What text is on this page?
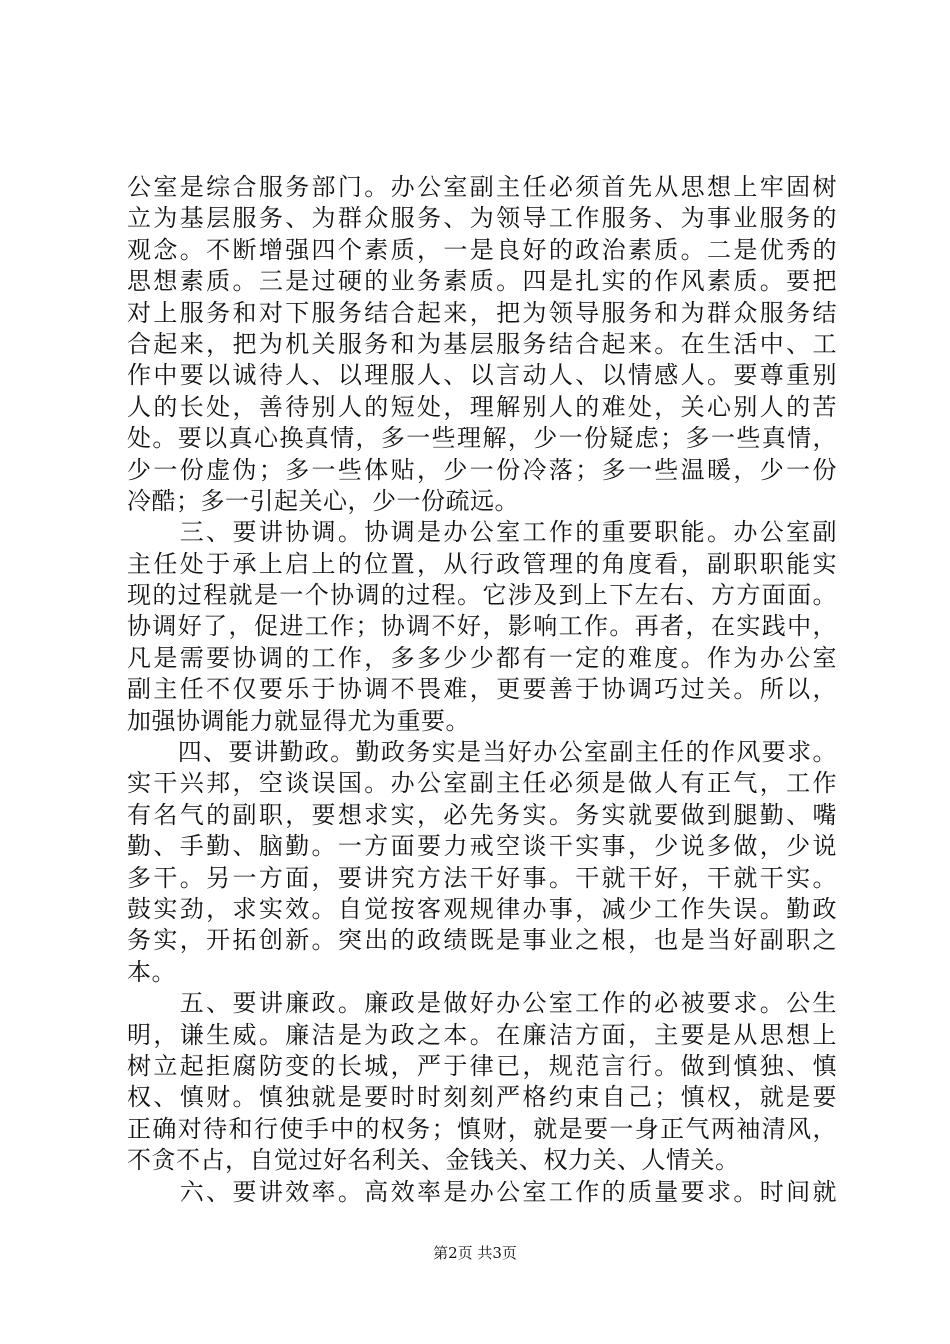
公室是综合服务部门。办公室副主任必须首先从思想上牢固树
立为基层服务、为群众服务、为领导工作服务、为事业服务的
观念。不断增强四个素质，一是良好的政治素质。二是优秀的
思想素质。三是过硬的业务素质。四是扎实的作风素质。要把
对上服务和对下服务结合起来，把为领导服务和为群众服务结
合起来，把为机关服务和为基层服务结合起来。在生活中、工
作中要以诚待人、以理服人、以言动人、以情感人。要尊重别
人的长处，善待别人的短处，理解别人的难处，关心别人的苦
处。要以真心换真情，多一些理解，少一份疑虑；多一些真情，
少一份虚伪；多一些体贴，少一份冷落；多一些温暖，少一份
冷酷；多一引起关心，少一份疏远。
　　三、要讲协调。协调是办公室工作的重要职能。办公室副
主任处于承上启上的位置，从行政管理的角度看，副职职能实
现的过程就是一个协调的过程。它涉及到上下左右、方方面面。
协调好了，促进工作；协调不好，影响工作。再者，在实践中，
凡是需要协调的工作，多多少少都有一定的难度。作为办公室
副主任不仅要乐于协调不畏难，更要善于协调巧过关。所以，
加强协调能力就显得尤为重要。
　　四、要讲勤政。勤政务实是当好办公室副主任的作风要求。
实干兴邦，空谈误国。办公室副主任必须是做人有正气，工作
有名气的副职，要想求实，必先务实。务实就要做到腿勤、嘴
勤、手勤、脑勤。一方面要力戒空谈干实事，少说多做，少说
多干。另一方面，要讲究方法干好事。干就干好，干就干实。
鼓实劲，求实效。自觉按客观规律办事，减少工作失误。勤政
务实，开拓创新。突出的政绩既是事业之根，也是当好副职之
本。
　　五、要讲廉政。廉政是做好办公室工作的必被要求。公生
明，谦生威。廉洁是为政之本。在廉洁方面，主要是从思想上
树立起拒腐防变的长城，严于律已，规范言行。做到慎独、慎
权、慎财。慎独就是要时时刻刻严格约束自己；慎权，就是要
正确对待和行使手中的权务；慎财，就是要一身正气两袖清风，
不贪不占，自觉过好名利关、金钱关、权力关、人情关。
　　六、要讲效率。高效率是办公室工作的质量要求。时间就
第2页 共3页
